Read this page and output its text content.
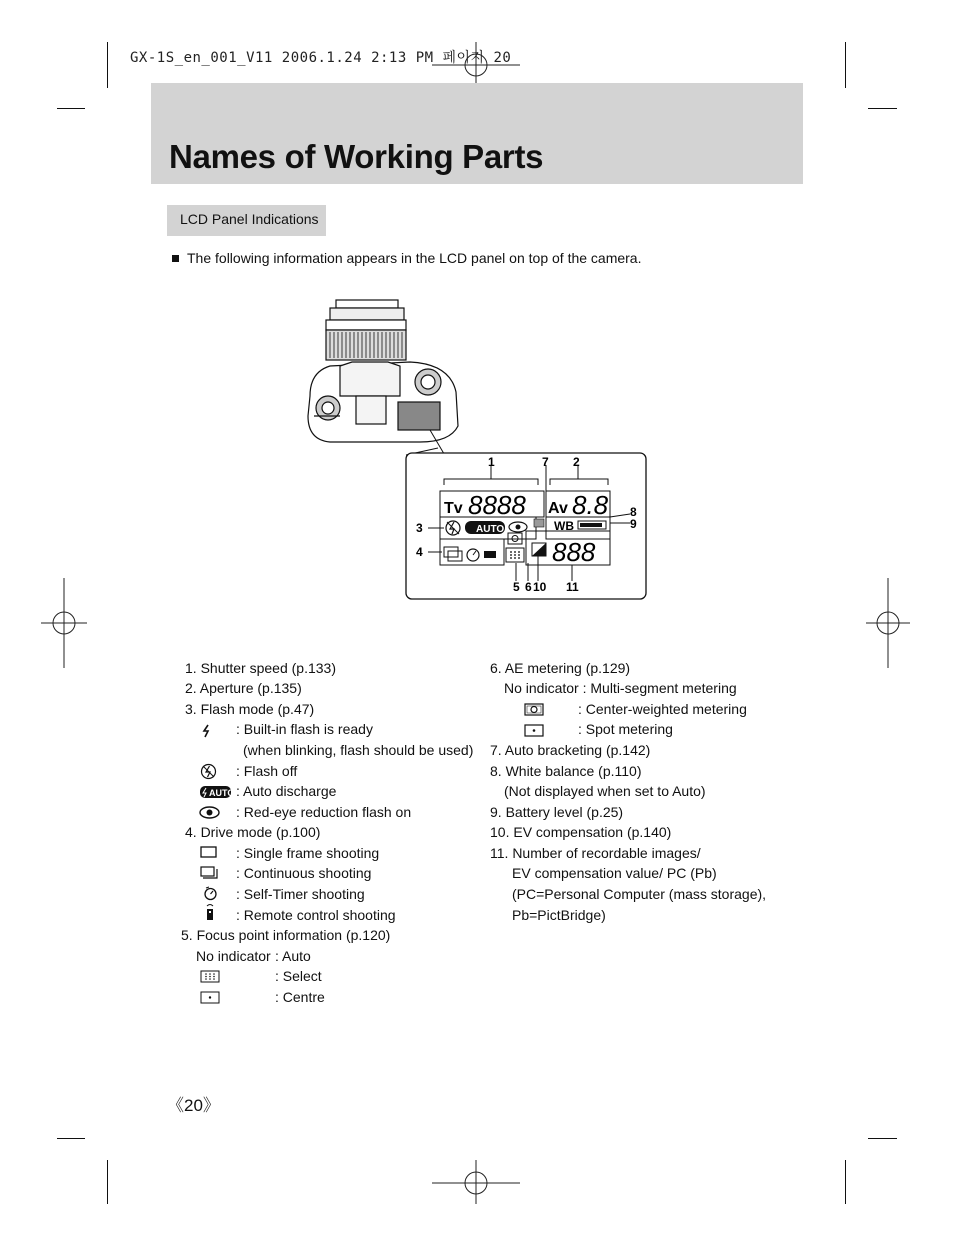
GX-1S_en_001_V11 2006.1.24 2:13 PM 페이지 20
Names of Working Parts
LCD Panel Indications
The following information appears in the LCD panel on top of the camera.
Tv 8888 Av 8.8
AUTO	WB
888
1	2
3
4
5 6
7
8
9
10 11
1. Shutter speed (p.133)
2. Aperture (p.135)
3. Flash mode (p.47)
: Built-in flash is ready
(when blinking, flash should be used)
: Flash off
AUTO : Auto discharge
: Red-eye reduction flash on
4. Drive mode (p.100)
: Single frame shooting
: Continuous shooting
: Self-Timer shooting
: Remote control shooting
5. Focus point information (p.120)
No indicator : Auto
: Select
: Centre
6. AE metering (p.129)
No indicator : Multi-segment metering
: Center-weighted metering
: Spot metering
7. Auto bracketing (p.142)
8. White balance (p.110)
(Not displayed when set to Auto)
9. Battery level (p.25)
10. EV compensation (p.140)
11. Number of recordable images/
EV compensation value/ PC (Pb)
(PC=Personal Computer (mass storage),
Pb=PictBridge)
《20》
